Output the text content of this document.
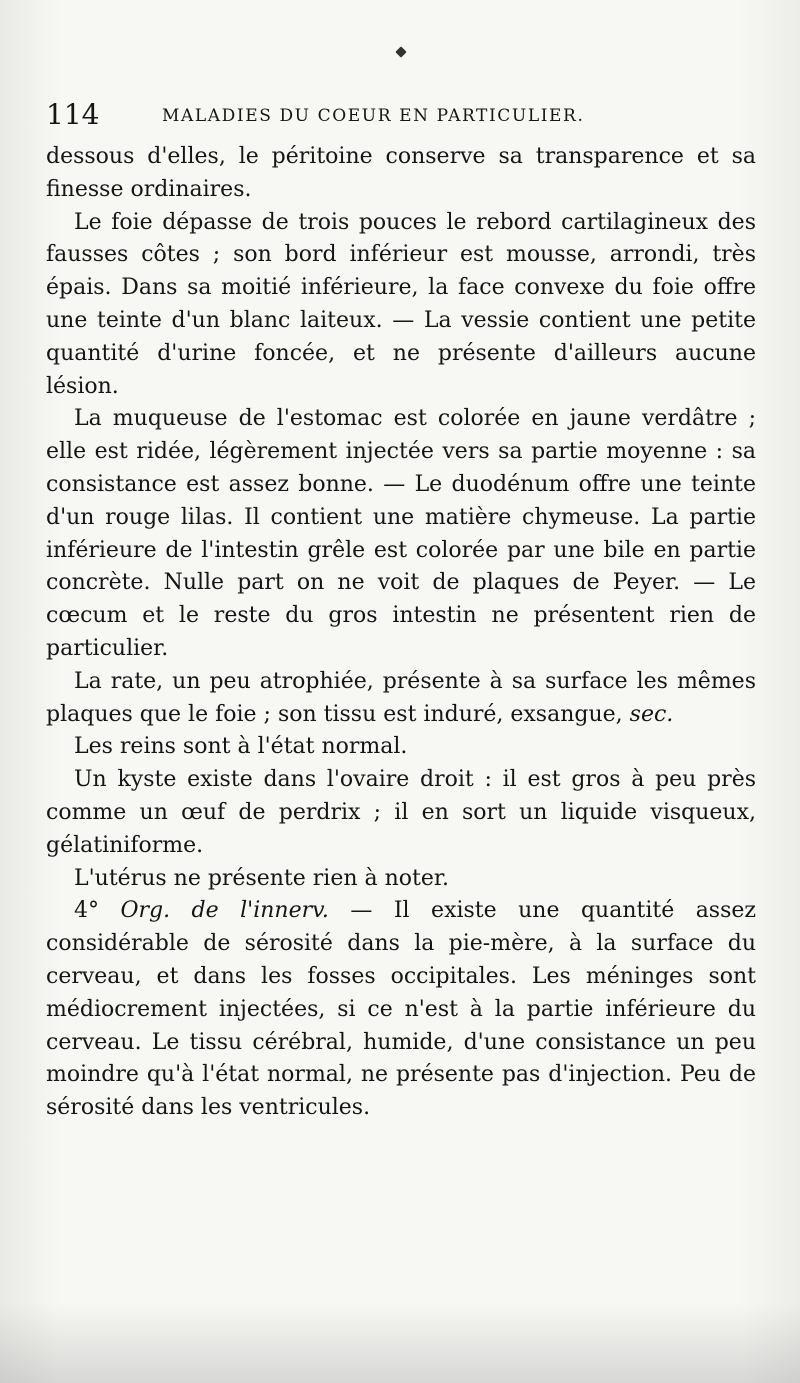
114	MALADIES DU COEUR EN PARTICULIER.

dessous d'elles, le péritoine conserve sa transparence et sa finesse ordinaires.

Le foie dépasse de trois pouces le rebord cartilagineux des fausses côtes ; son bord inférieur est mousse, arrondi, très épais. Dans sa moitié inférieure, la face convexe du foie offre une teinte d'un blanc laiteux. — La vessie contient une petite quantité d'urine foncée, et ne présente d'ailleurs aucune lésion.

La muqueuse de l'estomac est colorée en jaune verdâtre ; elle est ridée, légèrement injectée vers sa partie moyenne : sa consistance est assez bonne. — Le duodénum offre une teinte d'un rouge lilas. Il contient une matière chymeuse. La partie inférieure de l'intestin grêle est colorée par une bile en partie concrète. Nulle part on ne voit de plaques de Peyer. — Le cœcum et le reste du gros intestin ne présentent rien de particulier.

La rate, un peu atrophiée, présente à sa surface les mêmes plaques que le foie ; son tissu est induré, exsangue, sec.

Les reins sont à l'état normal.

Un kyste existe dans l'ovaire droit : il est gros à peu près comme un œuf de perdrix ; il en sort un liquide visqueux, gélatiniforme.

L'utérus ne présente rien à noter.

4° Org. de l'innerv. — Il existe une quantité assez considérable de sérosité dans la pie-mère, à la surface du cerveau, et dans les fosses occipitales. Les méninges sont médiocrement injectées, si ce n'est à la partie inférieure du cerveau. Le tissu cérébral, humide, d'une consistance un peu moindre qu'à l'état normal, ne présente pas d'injection. Peu de sérosité dans les ventricules.
